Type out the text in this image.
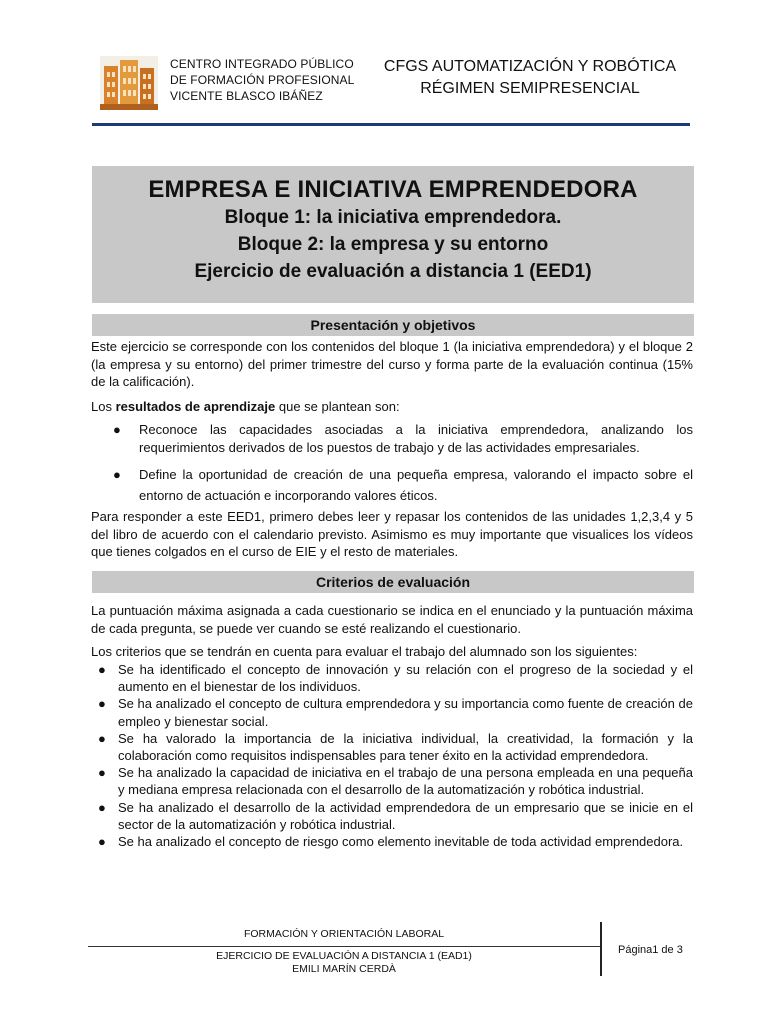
CENTRO INTEGRADO PÚBLICO
DE FORMACIÓN PROFESIONAL
VICENTE BLASCO IBÁÑEZ
CFGS AUTOMATIZACIÓN Y ROBÓTICA
RÉGIMEN SEMIPRESENCIAL
EMPRESA E INICIATIVA EMPRENDEDORA
Bloque 1: la iniciativa emprendedora.
Bloque 2: la empresa y su entorno
Ejercicio de evaluación a distancia 1 (EED1)
Presentación y objetivos
Este ejercicio se corresponde con los contenidos del bloque 1 (la iniciativa emprendedora) y el bloque 2 (la empresa y su entorno) del primer trimestre del curso y forma parte de la evaluación continua (15% de la calificación).
Los resultados de aprendizaje que se plantean son:
● Reconoce las capacidades asociadas a la iniciativa emprendedora, analizando los requerimientos derivados de los puestos de trabajo y de las actividades empresariales.
● Define la oportunidad de creación de una pequeña empresa, valorando el impacto sobre el entorno de actuación e incorporando valores éticos.
Para responder a este EED1, primero debes leer y repasar los contenidos de las unidades 1,2,3,4 y 5 del libro de acuerdo con el calendario previsto. Asimismo es muy importante que visualices los vídeos que tienes colgados en el curso de EIE y el resto de materiales.
Criterios de evaluación
La puntuación máxima asignada a cada cuestionario se indica en el enunciado y la puntuación máxima de cada pregunta, se puede ver cuando se esté realizando el cuestionario.
Los criterios que se tendrán en cuenta para evaluar el trabajo del alumnado son los siguientes:
● Se ha identificado el concepto de innovación y su relación con el progreso de la sociedad y el aumento en el bienestar de los individuos.
● Se ha analizado el concepto de cultura emprendedora y su importancia como fuente de creación de empleo y bienestar social.
● Se ha valorado la importancia de la iniciativa individual, la creatividad, la formación y la colaboración como requisitos indispensables para tener éxito en la actividad emprendedora.
● Se ha analizado la capacidad de iniciativa en el trabajo de una persona empleada en una pequeña y mediana empresa relacionada con el desarrollo de la automatización y robótica industrial.
● Se ha analizado el desarrollo de la actividad emprendedora de un empresario que se inicie en el sector de la automatización y robótica industrial.
● Se ha analizado el concepto de riesgo como elemento inevitable de toda actividad emprendedora.
FORMACIÓN Y ORIENTACIÓN LABORAL
EJERCICIO DE EVALUACIÓN A DISTANCIA 1 (EAD1)
EMILI MARÍN CERDÀ
Página1 de 3
